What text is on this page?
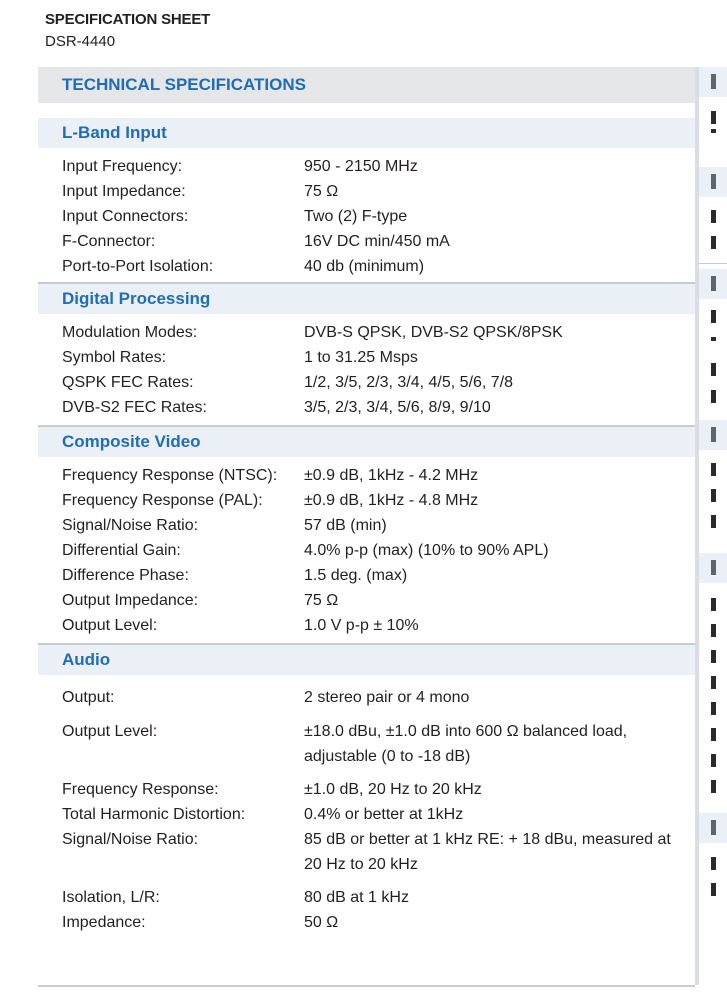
SPECIFICATION SHEET
DSR-4440
TECHNICAL SPECIFICATIONS
L-Band Input
Input Frequency:	950 - 2150 MHz
Input Impedance:	75 Ω
Input Connectors:	Two (2) F-type
F-Connector:	16V DC min/450 mA
Port-to-Port Isolation:	40 db (minimum)
Digital Processing
Modulation Modes:	DVB-S QPSK, DVB-S2 QPSK/8PSK
Symbol Rates:	1 to 31.25 Msps
QSPK FEC Rates:	1/2, 3/5, 2/3, 3/4, 4/5, 5/6, 7/8
DVB-S2 FEC Rates:	3/5, 2/3, 3/4, 5/6, 8/9, 9/10
Composite Video
Frequency Response (NTSC):	±0.9 dB, 1kHz - 4.2 MHz
Frequency Response (PAL):	±0.9 dB, 1kHz - 4.8 MHz
Signal/Noise Ratio:	57 dB (min)
Differential Gain:	4.0% p-p (max) (10% to 90% APL)
Difference Phase:	1.5 deg. (max)
Output Impedance:	75 Ω
Output Level:	1.0 V p-p ± 10%
Audio
Output:	2 stereo pair or 4 mono
Output Level:	±18.0 dBu, ±1.0 dB into 600 Ω balanced load, adjustable (0 to -18 dB)
Frequency Response:	±1.0 dB, 20 Hz to 20 kHz
Total Harmonic Distortion:	0.4% or better at 1kHz
Signal/Noise Ratio:	85 dB or better at 1 kHz RE: + 18 dBu, measured at 20 Hz to 20 kHz
Isolation, L/R:	80 dB at 1 kHz
Impedance:	50 Ω
